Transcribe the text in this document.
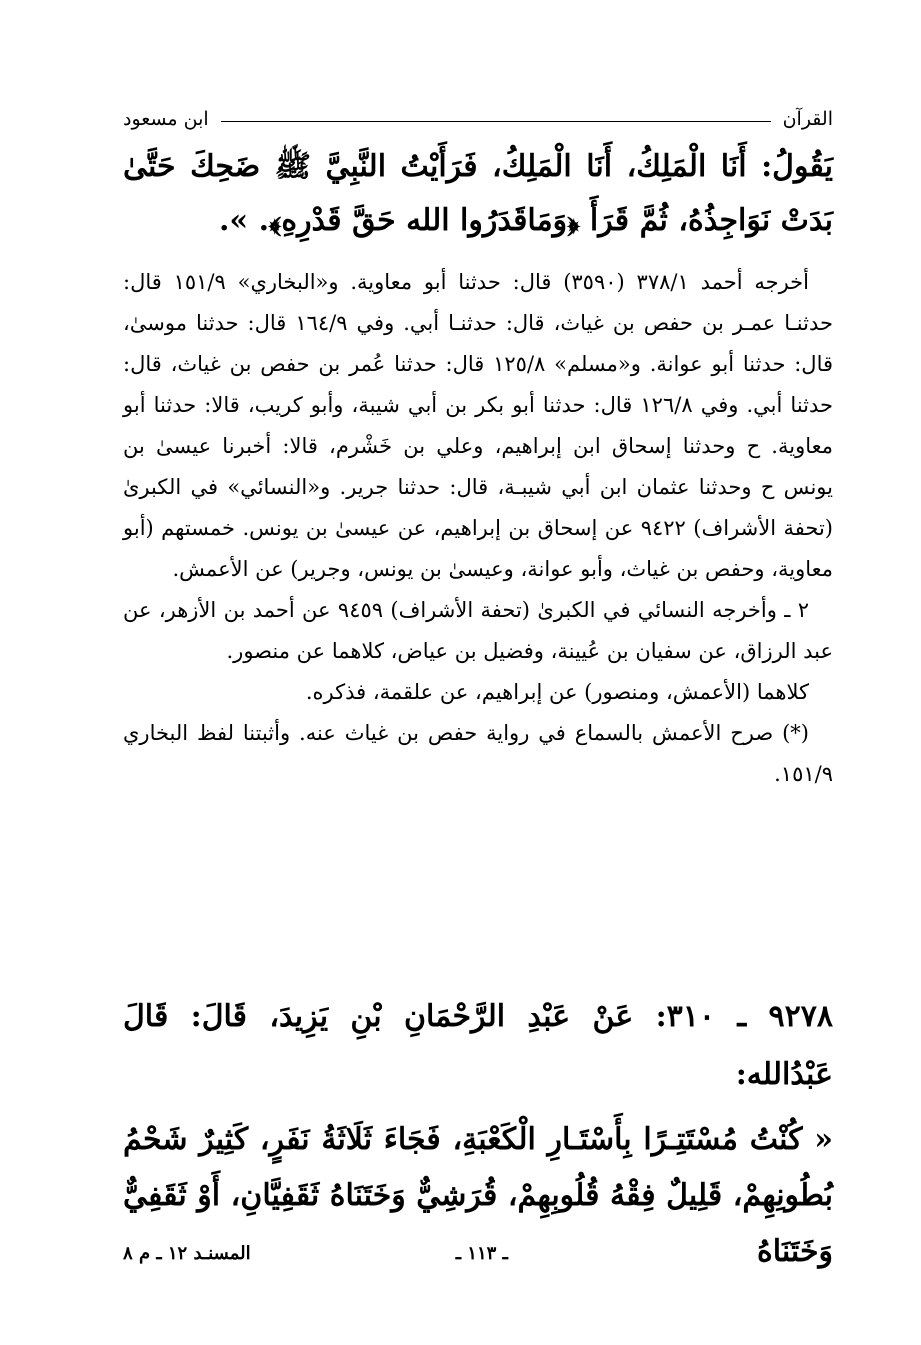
القرآن
ابن مسعود
يَقُولُ: أَنَا الْمَلِكُ، أَنَا الْمَلِكُ، فَرَأَيْتُ النَّبِيَّ ﷺ ضَحِكَ حَتَّىٰ بَدَتْ نَوَاجِذُهُ، ثُمَّ قَرَأَ ﴿وَمَاقَدَرُوا الله حَقَّ قَدْرِهِ﴾. ».

أخرجه أحمد ٣٧٨/١ (٣٥٩٠) قال: حدثنا أبو معاوية. و«البخاري» ١٥١/٩ قال: حدثنـا عمـر بن حفص بن غياث، قال: حدثنـا أبي. وفي ١٦٤/٩ قال: حدثنا موسىٰ، قال: حدثنا أبو عوانة. و«مسلم» ١٢٥/٨ قال: حدثنا عُمر بن حفص بن غياث، قال: حدثنا أبي. وفي ١٢٦/٨ قال: حدثنا أبو بكر بن أبي شيبة، وأبو كريب، قالا: حدثنا أبو معاوية. ح وحدثنا إسحاق ابن إبراهيم، وعلي بن خَشْرم، قالا: أخبرنا عيسىٰ بن يونس ح وحدثنا عثمان ابن أبي شيبـة، قال: حدثنا جرير. و«النسائي» في الكبرىٰ (تحفة الأشراف) ٩٤٢٢ عن إسحاق بن إبراهيم، عن عيسىٰ بن يونس. خمستهم (أبو معاوية، وحفص بن غياث، وأبو عوانة، وعيسىٰ بن يونس، وجرير) عن الأعمش.

٢ ـ وأخرجه النسائي في الكبرىٰ (تحفة الأشراف) ٩٤٥٩ عن أحمد بن الأزهر، عن عبد الرزاق، عن سفيان بن عُيينة، وفضيل بن عياض، كلاهما عن منصور.

كلاهما (الأعمش، ومنصور) عن إبراهيم، عن علقمة، فذكره.

(*) صرح الأعمش بالسماع في رواية حفص بن غياث عنه. وأثبتنا لفظ البخاري ١٥١/٩.

٩٢٧٨ ـ ٣١٠: عَنْ عَبْدِ الرَّحْمَانِ بْنِ يَزِيدَ، قَالَ: قَالَ عَبْدُالله:
« كُنْتُ مُسْتَتِـرًا بِأَسْتَـارِ الْكَعْبَةِ، فَجَاءَ ثَلَاثَةُ نَفَرٍ، كَثِيرٌ شَحْمُ بُطُونِهِمْ، قَلِيلٌ فِقْهُ قُلُوبِهِمْ، قُرَشِيٌّ وَخَتَنَاهُ ثَقَفِيَّانِ، أَوْ ثَقَفِيٌّ وَخَتَنَاهُ
ـ ١١٣ ـ
المسنـد ١٢ ـ م ٨
